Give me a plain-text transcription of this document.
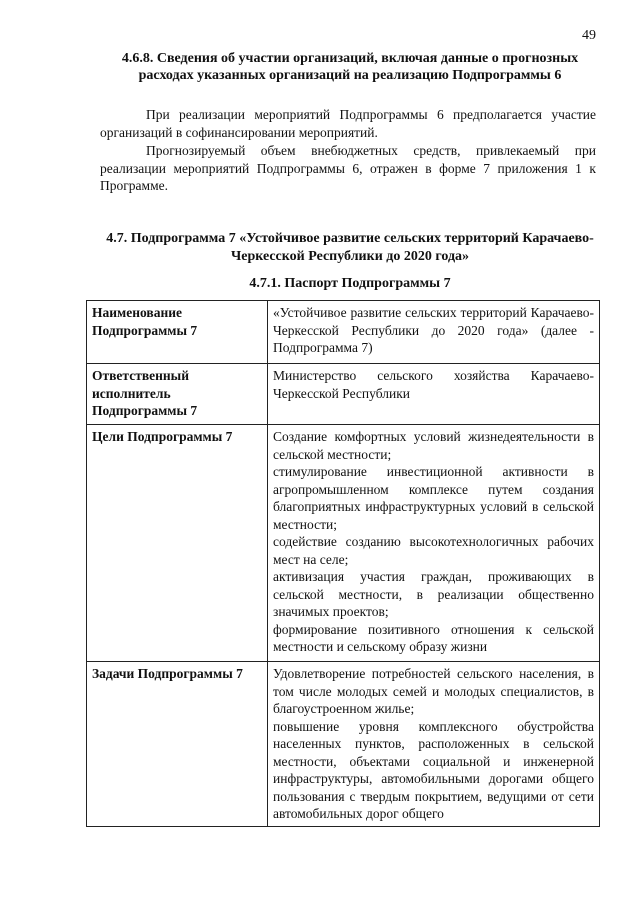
49
4.6.8. Сведения об участии организаций, включая данные о прогнозных расходах указанных организаций на реализацию Подпрограммы 6

При реализации мероприятий Подпрограммы 6 предполагается участие организаций в софинансировании мероприятий.

Прогнозируемый объем внебюджетных средств, привлекаемый при реализации мероприятий Подпрограммы 6, отражен в форме 7 приложения 1 к Программе.

4.7. Подпрограмма 7 «Устойчивое развитие сельских территорий Карачаево-Черкесской Республики до 2020 года»
4.7.1. Паспорт Подпрограммы 7
Наименование Подпрограммы 7	«Устойчивое развитие сельских территорий Карачаево-Черкесской Республики до 2020 года» (далее - Подпрограмма 7)

Ответственный исполнитель Подпрограммы 7	Министерство сельского хозяйства Карачаево-Черкесской Республики

Цели Подпрограммы 7	Создание комфортных условий жизнедеятельности в сельской местности;
стимулирование инвестиционной активности в агропромышленном комплексе путем создания благоприятных инфраструктурных условий в сельской местности;
содействие созданию высокотехнологичных рабочих мест на селе;
активизация участия граждан, проживающих в сельской местности, в реализации общественно значимых проектов;
формирование позитивного отношения к сельской местности и сельскому образу жизни

Задачи Подпрограммы 7	Удовлетворение потребностей сельского населения, в том числе молодых семей и молодых специалистов, в благоустроенном жилье;
повышение уровня комплексного обустройства населенных пунктов, расположенных в сельской местности, объектами социальной и инженерной инфраструктуры, автомобильными дорогами общего пользования с твердым покрытием, ведущими от сети автомобильных дорог общего
